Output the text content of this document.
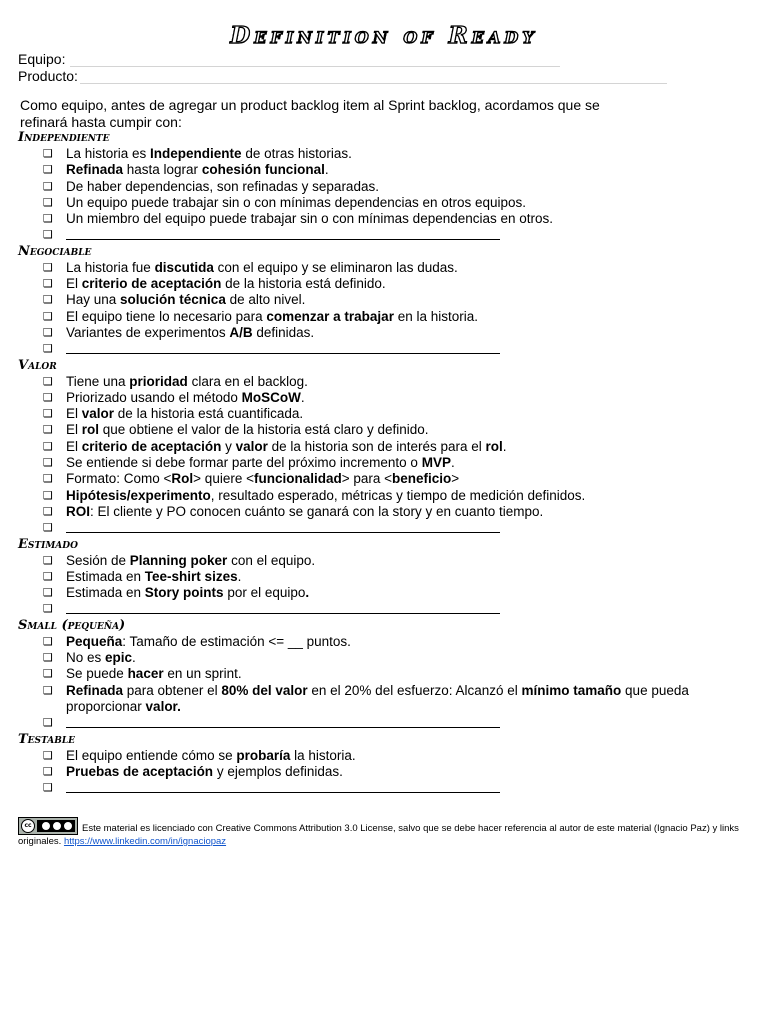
Definition of Ready
Equipo:
Producto:

Como equipo, antes de agregar un product backlog item al Sprint backlog, acordamos que se refinará hasta cumpir con:

Independiente
❑ La historia es Independiente de otras historias.
❑ Refinada hasta lograr cohesión funcional.
❑ De haber dependencias, son refinadas y separadas.
❑ Un equipo puede trabajar sin o con mínimas dependencias en otros equipos.
❑ Un miembro del equipo puede trabajar sin o con mínimas dependencias en otros.
❑
Negociable
❑ La historia fue discutida con el equipo y se eliminaron las dudas.
❑ El criterio de aceptación de la historia está definido.
❑ Hay una solución técnica de alto nivel.
❑ El equipo tiene lo necesario para comenzar a trabajar en la historia.
❑ Variantes de experimentos A/B definidas.
❑
Valor
❑ Tiene una prioridad clara en el backlog.
❑ Priorizado usando el método MoSCoW.
❑ El valor de la historia está cuantificada.
❑ El rol que obtiene el valor de la historia está claro y definido.
❑ El criterio de aceptación y valor de la historia son de interés para el rol.
❑ Se entiende si debe formar parte del próximo incremento o MVP.
❑ Formato: Como <Rol> quiere <funcionalidad> para <beneficio>
❑ Hipótesis/experimento, resultado esperado, métricas y tiempo de medición definidos.
❑ ROI: El cliente y PO conocen cuánto se ganará con la story y en cuanto tiempo.
❑
Estimado
❑ Sesión de Planning poker con el equipo.
❑ Estimada en Tee-shirt sizes.
❑ Estimada en Story points por el equipo.
❑
Small (pequeña)
❑ Pequeña: Tamaño de estimación <= __ puntos.
❑ No es epic.
❑ Se puede hacer en un sprint.
❑ Refinada para obtener el 80% del valor en el 20% del esfuerzo: Alcanzó el mínimo tamaño que pueda proporcionar valor.
❑
Testable
❑ El equipo entiende cómo se probaría la historia.
❑ Pruebas de aceptación y ejemplos definidas.
❑
cc	Este material es licenciado con Creative Commons Attribution 3.0 License, salvo que se debe hacer referencia al autor de este material (Ignacio Paz) y links originales. https://www.linkedin.com/in/ignaciopaz
